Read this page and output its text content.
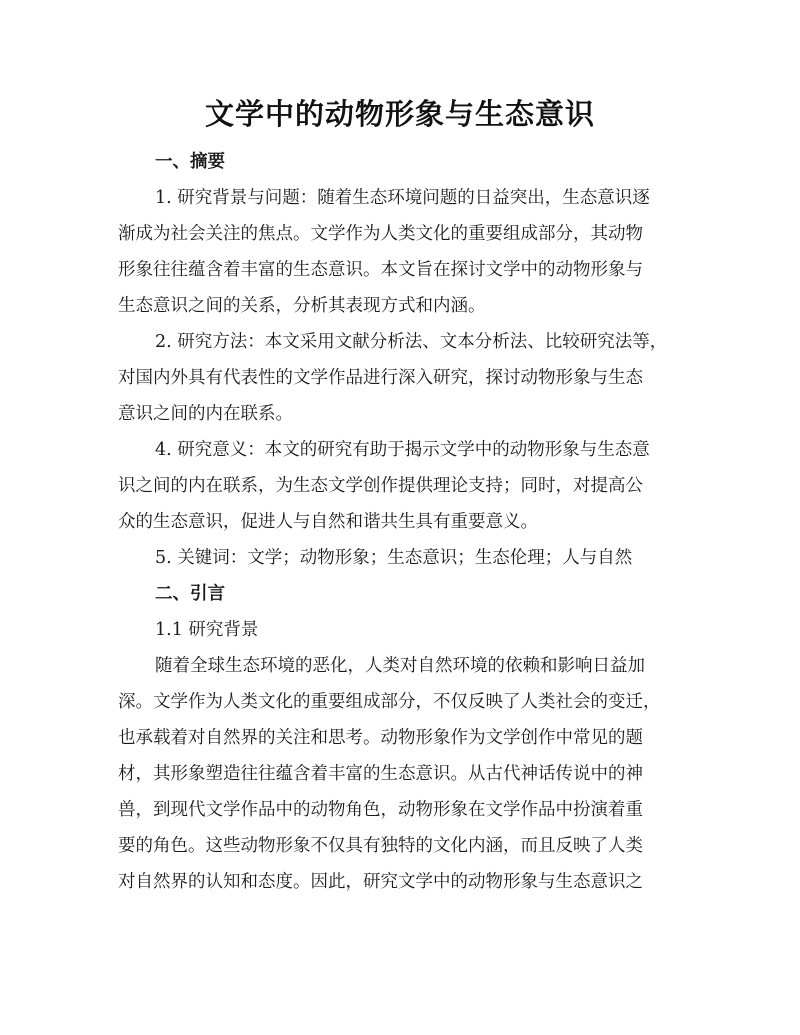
文学中的动物形象与生态意识
一、摘要
1. 研究背景与问题：随着生态环境问题的日益突出，生态意识逐
渐成为社会关注的焦点。文学作为人类文化的重要组成部分，其动物
形象往往蕴含着丰富的生态意识。本文旨在探讨文学中的动物形象与
生态意识之间的关系，分析其表现方式和内涵。
2. 研究方法：本文采用文献分析法、文本分析法、比较研究法等，
对国内外具有代表性的文学作品进行深入研究，探讨动物形象与生态
意识之间的内在联系。
4. 研究意义：本文的研究有助于揭示文学中的动物形象与生态意
识之间的内在联系，为生态文学创作提供理论支持；同时，对提高公
众的生态意识，促进人与自然和谐共生具有重要意义。
5. 关键词：文学；动物形象；生态意识；生态伦理；人与自然
二、引言
1.1 研究背景
随着全球生态环境的恶化，人类对自然环境的依赖和影响日益加
深。文学作为人类文化的重要组成部分，不仅反映了人类社会的变迁，
也承载着对自然界的关注和思考。动物形象作为文学创作中常见的题
材，其形象塑造往往蕴含着丰富的生态意识。从古代神话传说中的神
兽，到现代文学作品中的动物角色，动物形象在文学作品中扮演着重
要的角色。这些动物形象不仅具有独特的文化内涵，而且反映了人类
对自然界的认知和态度。因此，研究文学中的动物形象与生态意识之
